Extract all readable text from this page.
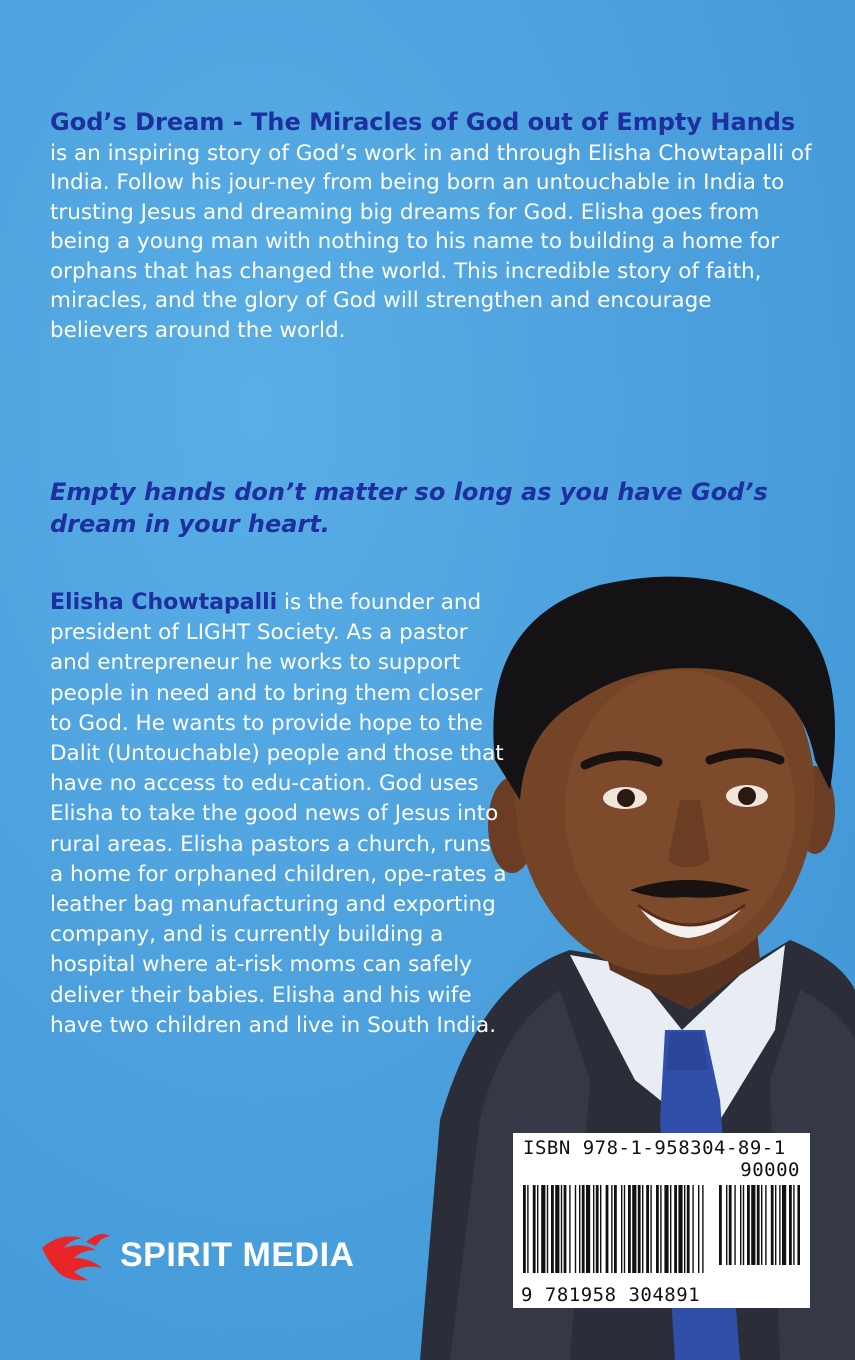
God’s Dream - The Miracles of God out of Empty Hands is an inspiring story of God’s work in and through Elisha Chowtapalli of India. Follow his jour-ney from being born an untouchable in India to trusting Jesus and dreaming big dreams for God. Elisha goes from being a young man with nothing to his name to building a home for orphans that has changed the world. This incredible story of faith, miracles, and the glory of God will strengthen and encourage believers around the world.

Empty hands don’t matter so long as you have God’s dream in your heart.

Elisha Chowtapalli is the founder and president of LIGHT Society. As a pastor and entrepreneur he works to support people in need and to bring them closer to God. He wants to provide hope to the Dalit (Untouchable) people and those that have no access to edu-cation. God uses Elisha to take the good news of Jesus into rural areas. Elisha pastors a church, runs a home for orphaned children, ope-rates a leather bag manufacturing and exporting company, and is currently building a hospital where at-risk moms can safely deliver their babies. Elisha and his wife have two children and live in South India.

SPIRIT MEDIA
ISBN 978-1-958304-89-1
90000
9 781958 304891
